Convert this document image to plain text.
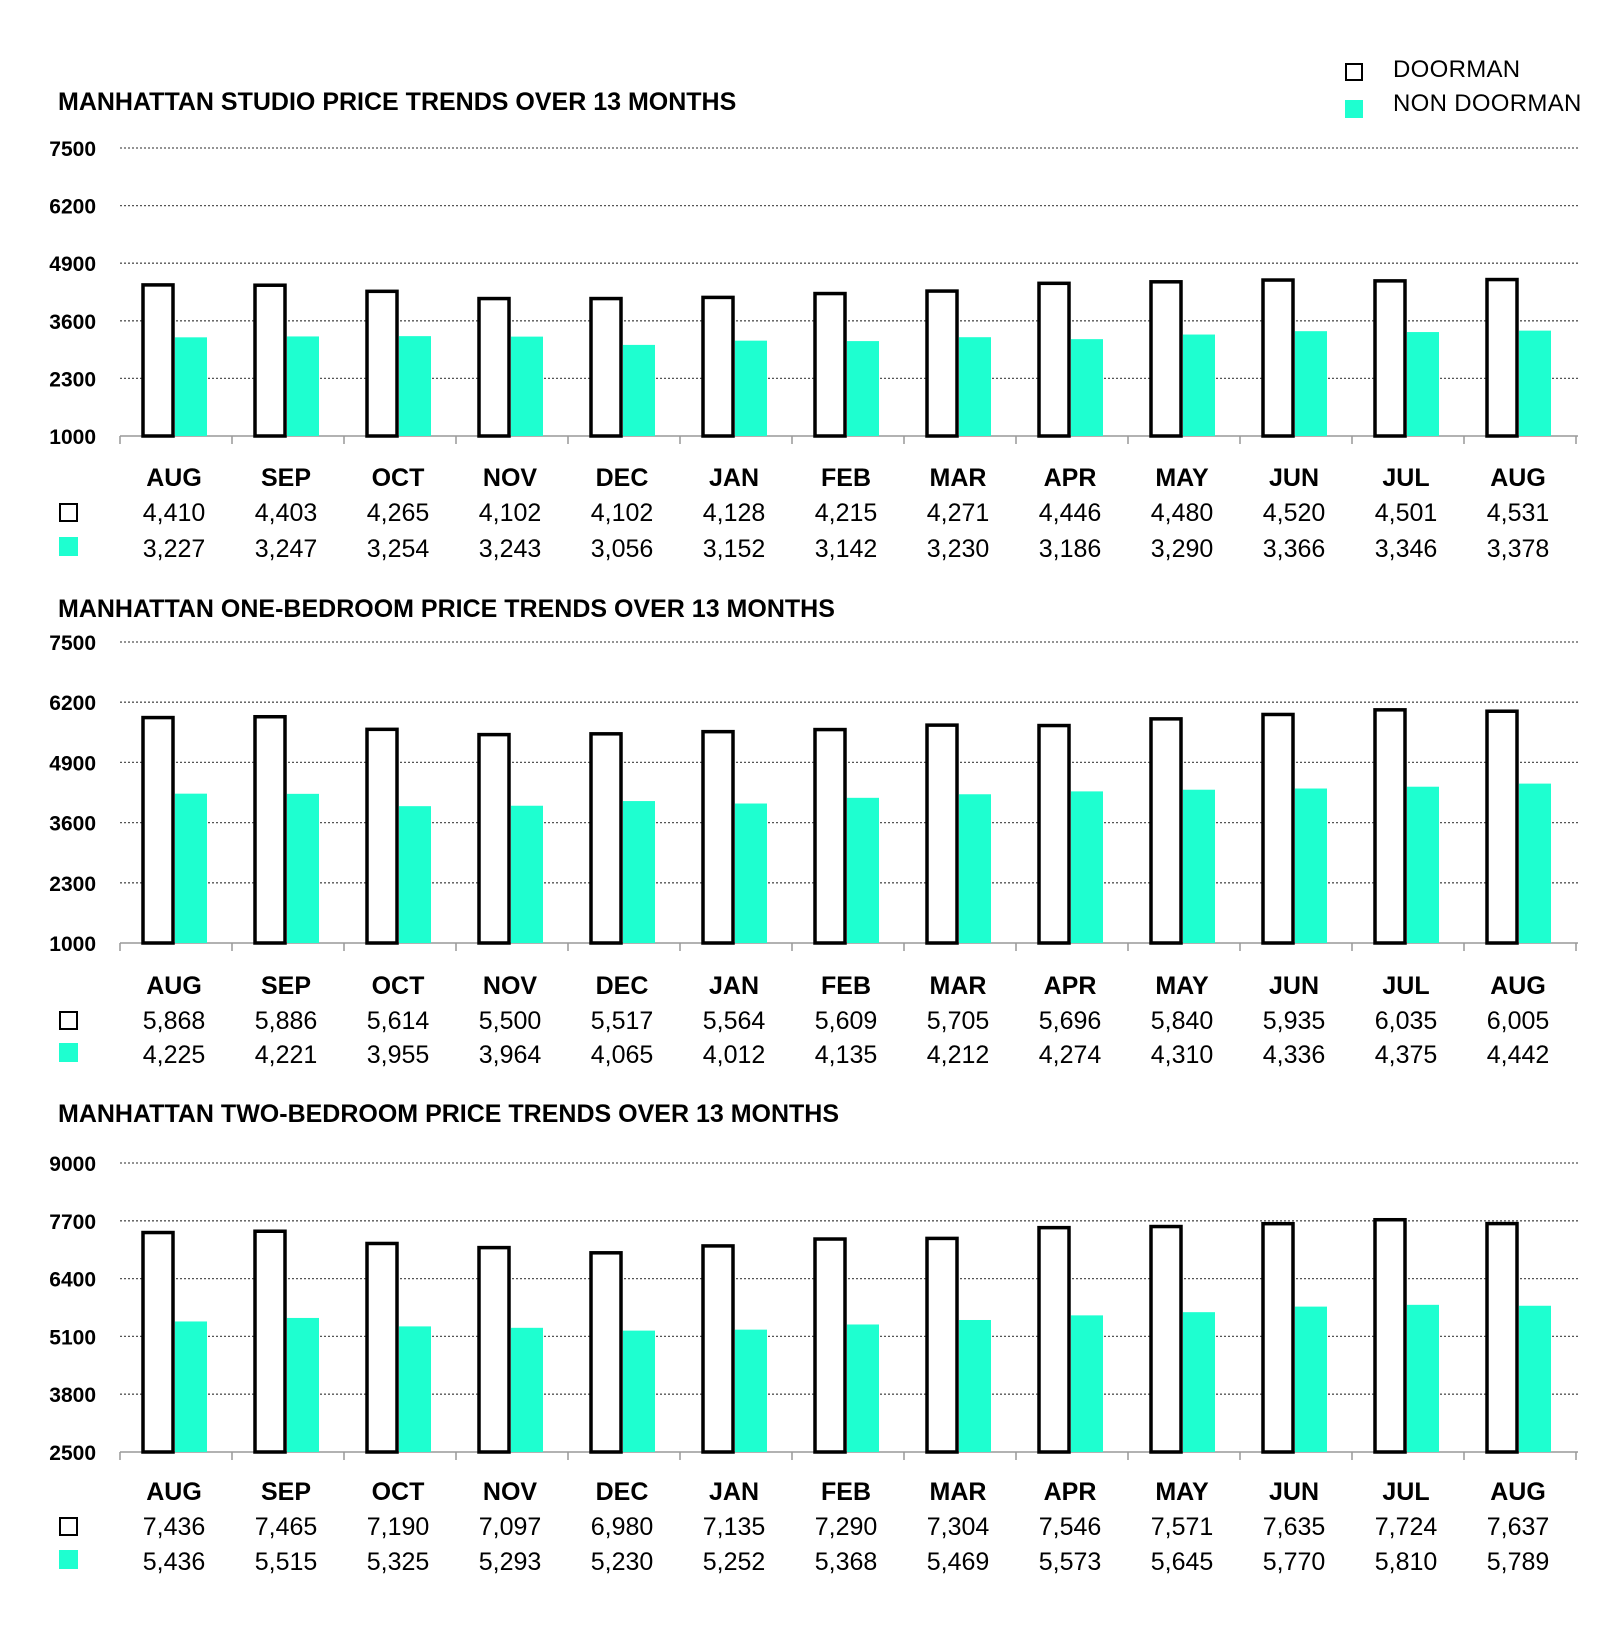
DOORMAN
NON DOORMAN
MANHATTAN STUDIO PRICE TRENDS OVER 13 MONTHS
1000
2300
3600
4900
6200
7500
AUG
4,410
3,227
SEP
4,403
3,247
OCT
4,265
3,254
NOV
4,102
3,243
DEC
4,102
3,056
JAN
4,128
3,152
FEB
4,215
3,142
MAR
4,271
3,230
APR
4,446
3,186
MAY
4,480
3,290
JUN
4,520
3,366
JUL
4,501
3,346
AUG
4,531
3,378
MANHATTAN ONE-BEDROOM PRICE TRENDS OVER 13 MONTHS
1000
2300
3600
4900
6200
7500
AUG
5,868
4,225
SEP
5,886
4,221
OCT
5,614
3,955
NOV
5,500
3,964
DEC
5,517
4,065
JAN
5,564
4,012
FEB
5,609
4,135
MAR
5,705
4,212
APR
5,696
4,274
MAY
5,840
4,310
JUN
5,935
4,336
JUL
6,035
4,375
AUG
6,005
4,442
MANHATTAN TWO-BEDROOM PRICE TRENDS OVER 13 MONTHS
2500
3800
5100
6400
7700
9000
AUG
7,436
5,436
SEP
7,465
5,515
OCT
7,190
5,325
NOV
7,097
5,293
DEC
6,980
5,230
JAN
7,135
5,252
FEB
7,290
5,368
MAR
7,304
5,469
APR
7,546
5,573
MAY
7,571
5,645
JUN
7,635
5,770
JUL
7,724
5,810
AUG
7,637
5,789
